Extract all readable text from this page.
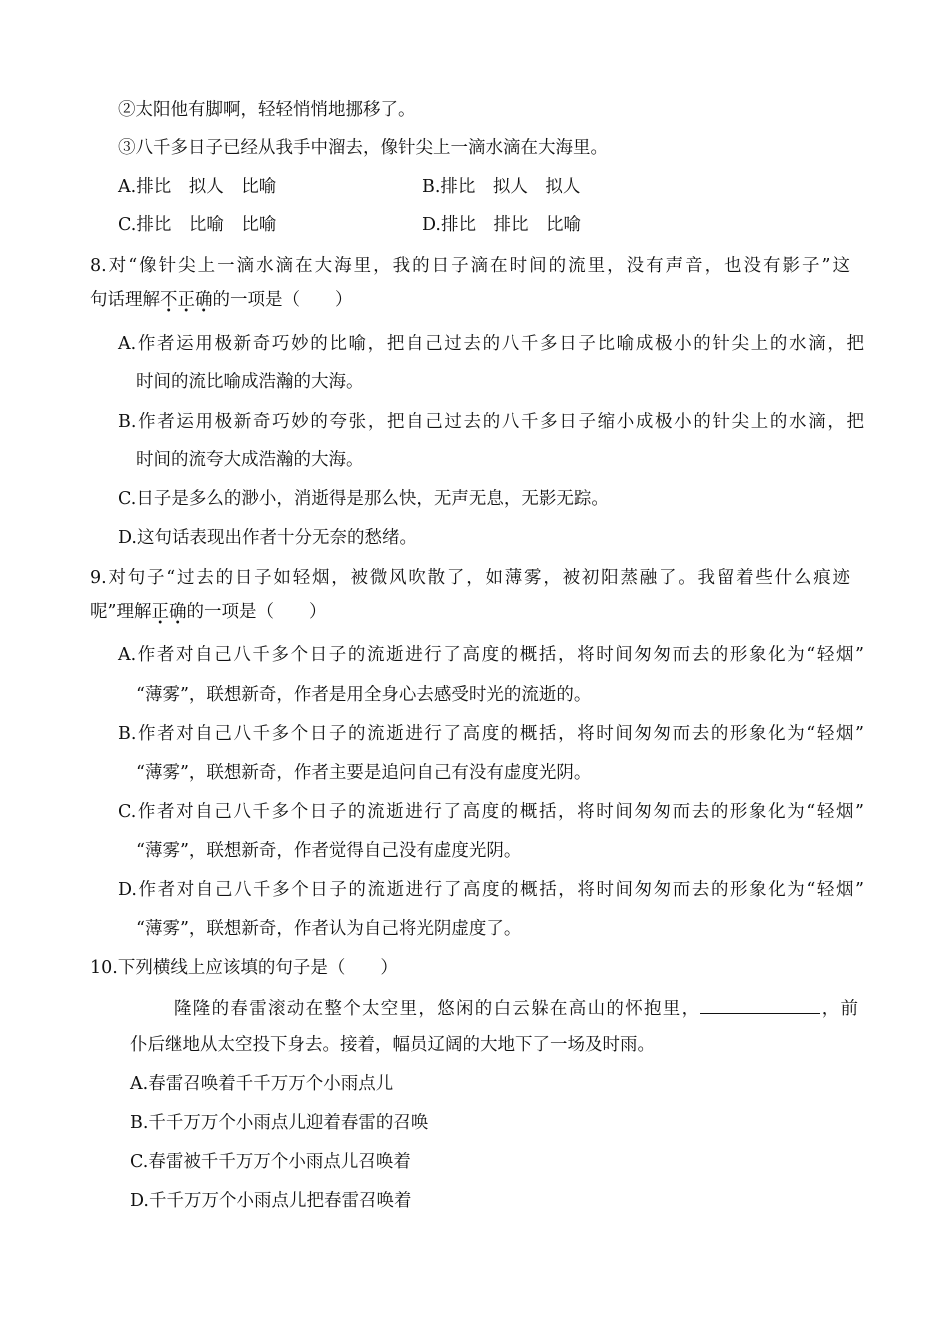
②太阳他有脚啊，轻轻悄悄地挪移了。
③八千多日子已经从我手中溜去，像针尖上一滴水滴在大海里。
A.排比　拟人　比喻	B.排比　拟人　拟人
C.排比　比喻　比喻	D.排比　排比　比喻
8.对“像针尖上一滴水滴在大海里，我的日子滴在时间的流里，没有声音，也没有影子”这
句话理解不正确的一项是（　　）
A.作者运用极新奇巧妙的比喻，把自己过去的八千多日子比喻成极小的针尖上的水滴，把
时间的流比喻成浩瀚的大海。
B.作者运用极新奇巧妙的夸张，把自己过去的八千多日子缩小成极小的针尖上的水滴，把
时间的流夸大成浩瀚的大海。
C.日子是多么的渺小，消逝得是那么快，无声无息，无影无踪。
D.这句话表现出作者十分无奈的愁绪。
9.对句子“过去的日子如轻烟，被微风吹散了，如薄雾，被初阳蒸融了。我留着些什么痕迹
呢”理解正确的一项是（　　）
A.作者对自己八千多个日子的流逝进行了高度的概括，将时间匆匆而去的形象化为“轻烟”
“薄雾”，联想新奇，作者是用全身心去感受时光的流逝的。
B.作者对自己八千多个日子的流逝进行了高度的概括，将时间匆匆而去的形象化为“轻烟”
“薄雾”，联想新奇，作者主要是追问自己有没有虚度光阴。
C.作者对自己八千多个日子的流逝进行了高度的概括，将时间匆匆而去的形象化为“轻烟”
“薄雾”，联想新奇，作者觉得自己没有虚度光阴。
D.作者对自己八千多个日子的流逝进行了高度的概括，将时间匆匆而去的形象化为“轻烟”
“薄雾”，联想新奇，作者认为自己将光阴虚度了。
10.下列横线上应该填的句子是（　　）
隆隆的春雷滚动在整个太空里，悠闲的白云躲在高山的怀抱里，	，前
仆后继地从太空投下身去。接着，幅员辽阔的大地下了一场及时雨。
A.春雷召唤着千千万万个小雨点儿
B.千千万万个小雨点儿迎着春雷的召唤
C.春雷被千千万万个小雨点儿召唤着
D.千千万万个小雨点儿把春雷召唤着
